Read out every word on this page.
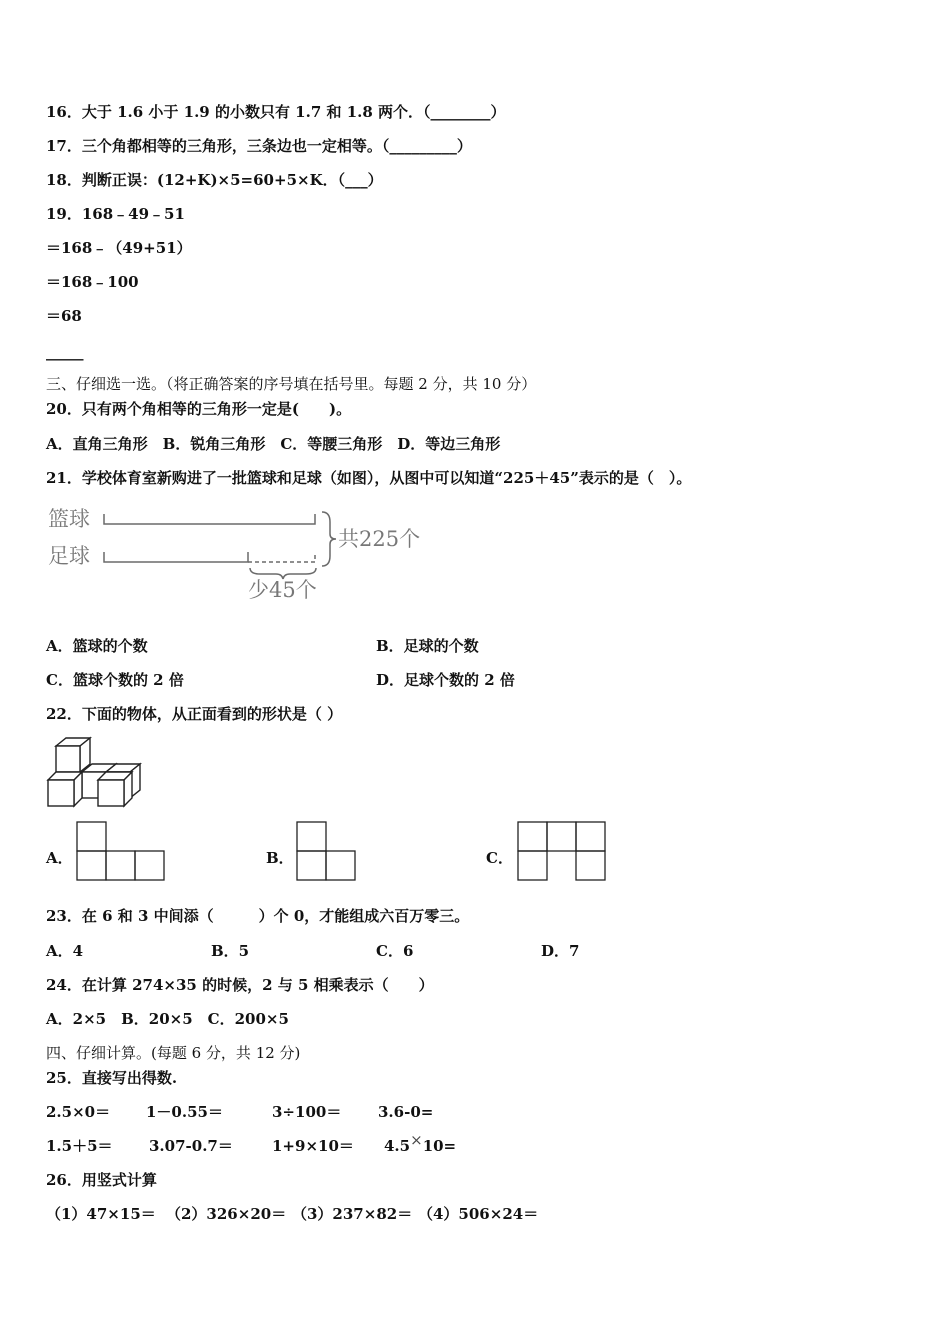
16．大于 1.6 小于 1.9 的小数只有 1.7 和 1.8 两个．（________）
17．三个角都相等的三角形，三条边也一定相等。（_________）
18．判断正误：(12+K)×5=60+5×K．（___）
19．168﹣49﹣51
＝168﹣（49+51）
＝168﹣100
＝68
_____
三、仔细选一选。（将正确答案的序号填在括号里。每题 2 分，共 10 分）
20．只有两个角相等的三角形一定是(　　)。
A．直角三角形　B．锐角三角形　C．等腰三角形　D．等边三角形
21．学校体育室新购进了一批篮球和足球（如图），从图中可以知道“225＋45”表示的是（　）。
篮球
足球
共225个
少45个
A．篮球的个数	B．足球的个数
C．篮球个数的 2 倍	D．足球个数的 2 倍
22．下面的物体，从正面看到的形状是（ ）
A．	B．	C．
23．在 6 和 3 中间添（　　　）个 0，才能组成六百万零三。
A．4	B．5	C．6	D．7
24．在计算 274×35 的时候，2 与 5 相乘表示（　　）
A．2×5　B．20×5　C．200×5
四、仔细计算。(每题 6 分，共 12 分)
25．直接写出得数.
2.5×0＝ 1－0.55＝	3÷100＝ 3.6-0=
1.5＋5＝ 3.07-0.7＝	1+9×10＝ 4.5×10=
26．用竖式计算
（1）47×15＝ （2）326×20＝ （3）237×82＝ （4）506×24＝
